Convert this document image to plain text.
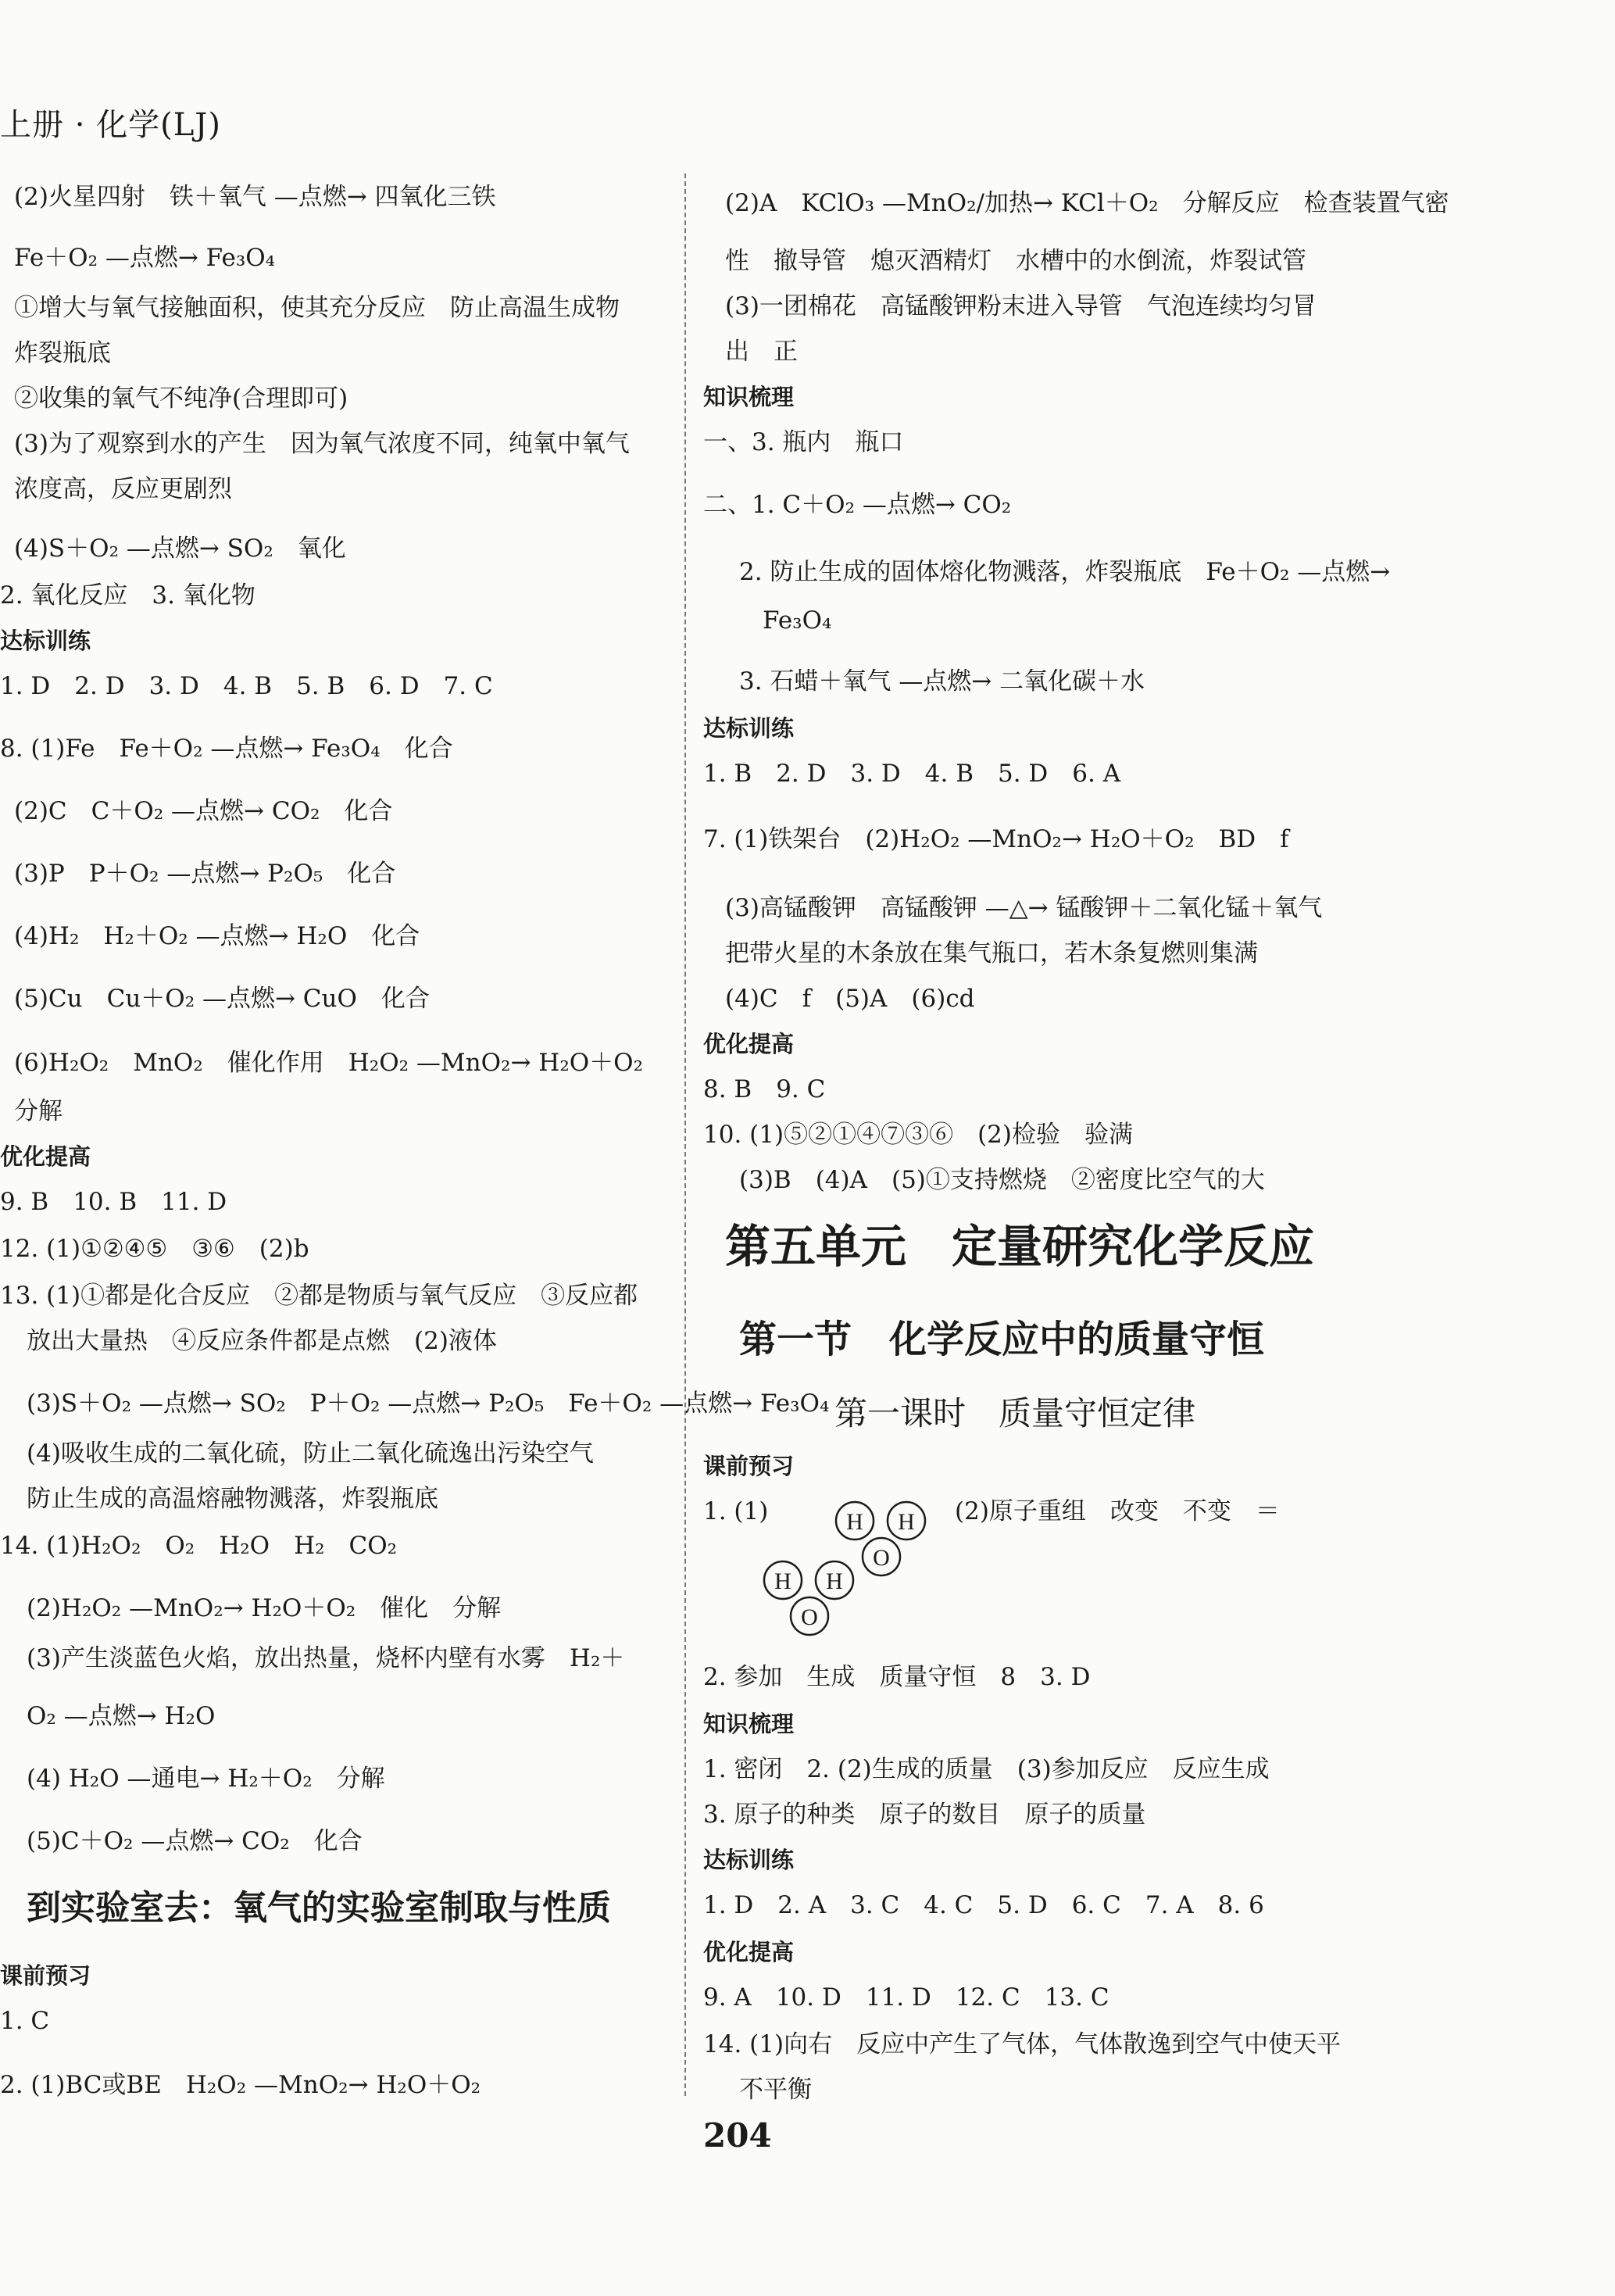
上册 · 化学(LJ)
(2)火星四射　铁＋氧气 —点燃→ 四氧化三铁
Fe＋O₂ —点燃→ Fe₃O₄
①增大与氧气接触面积，使其充分反应　防止高温生成物
炸裂瓶底
②收集的氧气不纯净(合理即可)
(3)为了观察到水的产生　因为氧气浓度不同，纯氧中氧气
浓度高，反应更剧烈
(4)S＋O₂ —点燃→ SO₂　氧化
2. 氧化反应　3. 氧化物
达标训练
1. D　2. D　3. D　4. B　5. B　6. D　7. C
8. (1)Fe　Fe＋O₂ —点燃→ Fe₃O₄　化合
(2)C　C＋O₂ —点燃→ CO₂　化合
(3)P　P＋O₂ —点燃→ P₂O₅　化合
(4)H₂　H₂＋O₂ —点燃→ H₂O　化合
(5)Cu　Cu＋O₂ —点燃→ CuO　化合
(6)H₂O₂　MnO₂　催化作用　H₂O₂ —MnO₂→ H₂O＋O₂
分解
优化提高
9. B　10. B　11. D
12. (1)①②④⑤　③⑥　(2)b
13. (1)①都是化合反应　②都是物质与氧气反应　③反应都
放出大量热　④反应条件都是点燃　(2)液体
(3)S＋O₂ —点燃→ SO₂　P＋O₂ —点燃→ P₂O₅　Fe＋O₂ —点燃→ Fe₃O₄
(4)吸收生成的二氧化硫，防止二氧化硫逸出污染空气
防止生成的高温熔融物溅落，炸裂瓶底
14. (1)H₂O₂　O₂　H₂O　H₂　CO₂
(2)H₂O₂ —MnO₂→ H₂O＋O₂　催化　分解
(3)产生淡蓝色火焰，放出热量，烧杯内壁有水雾　H₂＋
O₂ —点燃→ H₂O
(4) H₂O —通电→ H₂＋O₂　分解
(5)C＋O₂ —点燃→ CO₂　化合
到实验室去：氧气的实验室制取与性质
课前预习
1. C
2. (1)BC或BE　H₂O₂ —MnO₂→ H₂O＋O₂
(2)A　KClO₃ —MnO₂/加热→ KCl＋O₂　分解反应　检查装置气密
性　撤导管　熄灭酒精灯　水槽中的水倒流，炸裂试管
(3)一团棉花　高锰酸钾粉末进入导管　气泡连续均匀冒
出　正
知识梳理
一、3. 瓶内　瓶口
二、1. C＋O₂ —点燃→ CO₂
2. 防止生成的固体熔化物溅落，炸裂瓶底　Fe＋O₂ —点燃→
Fe₃O₄
3. 石蜡＋氧气 —点燃→ 二氧化碳＋水
达标训练
1. B　2. D　3. D　4. B　5. D　6. A
7. (1)铁架台　(2)H₂O₂ —MnO₂→ H₂O＋O₂　BD　f
(3)高锰酸钾　高锰酸钾 —△→ 锰酸钾＋二氧化锰＋氧气
把带火星的木条放在集气瓶口，若木条复燃则集满
(4)C　f　(5)A　(6)cd
优化提高
8. B　9. C
10. (1)⑤②①④⑦③⑥　(2)检验　验满
(3)B　(4)A　(5)①支持燃烧　②密度比空气的大
第五单元　定量研究化学反应
第一节　化学反应中的质量守恒
第一课时　质量守恒定律
课前预习
1. (1)	(2)原子重组　改变　不变　＝
2. 参加　生成　质量守恒　8　3. D
知识梳理
1. 密闭　2. (2)生成的质量　(3)参加反应　反应生成
3. 原子的种类　原子的数目　原子的质量
达标训练
1. D　2. A　3. C　4. C　5. D　6. C　7. A　8. 6
优化提高
9. A　10. D　11. D　12. C　13. C
14. (1)向右　反应中产生了气体，气体散逸到空气中使天平
不平衡
H H
O
H H
O
204
